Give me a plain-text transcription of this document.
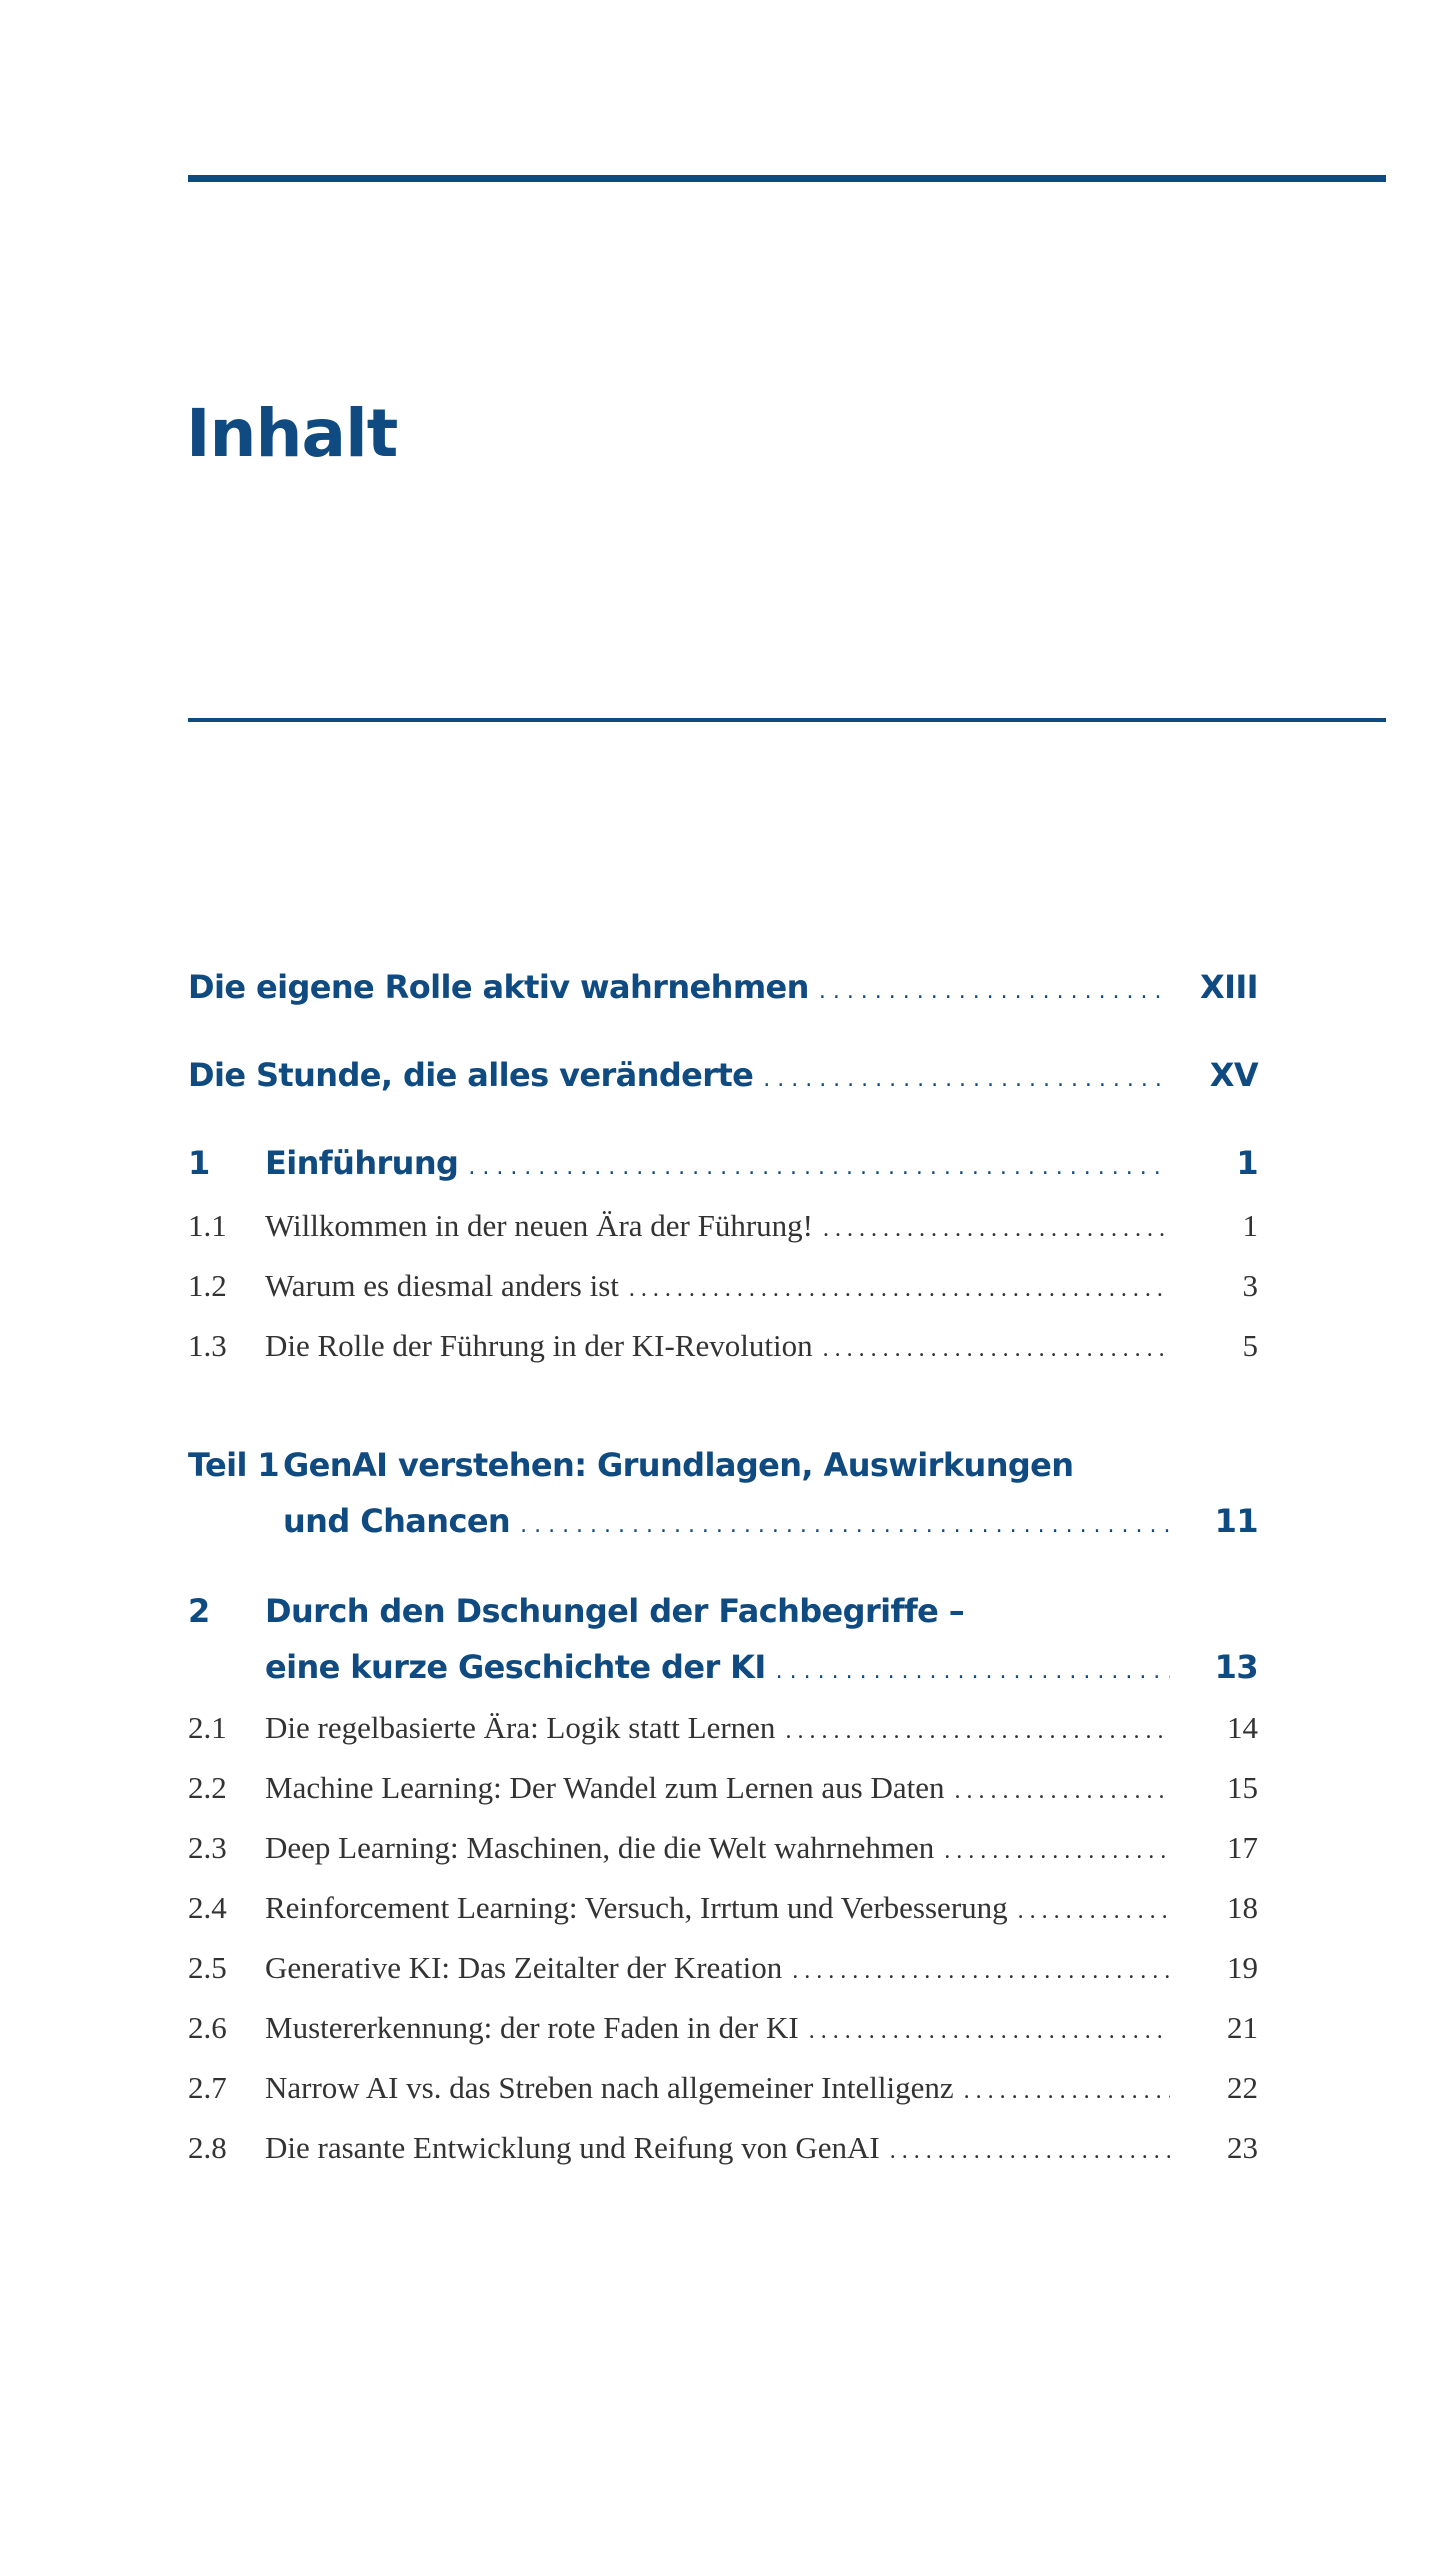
Inhalt
Die eigene Rolle aktiv wahrnehmen . . .	XIII
Die Stunde, die alles veränderte . . .	XV
1	Einführung . . .	1
1.1	Willkommen in der neuen Ära der Führung! . . .	1
1.2	Warum es diesmal anders ist . . .	3
1.3	Die Rolle der Führung in der KI-Revolution . . .	5
Teil 1 GenAI verstehen: Grundlagen, Auswirkungen
und Chancen . . .	11
2 Durch den Dschungel der Fachbegriffe –
eine kurze Geschichte der KI . . .	13
2.1	Die regelbasierte Ära: Logik statt Lernen . . .	14
2.2	Machine Learning: Der Wandel zum Lernen aus Daten . . .	15
2.3	Deep Learning: Maschinen, die die Welt wahrnehmen . . .	17
2.4	Reinforcement Learning: Versuch, Irrtum und Verbesserung . . .	18
2.5	Generative KI: Das Zeitalter der Kreation . . .	19
2.6	Mustererkennung: der rote Faden in der KI . . .	21
2.7	Narrow AI vs. das Streben nach allgemeiner Intelligenz . . .	22
2.8	Die rasante Entwicklung und Reifung von GenAI . . .	23
